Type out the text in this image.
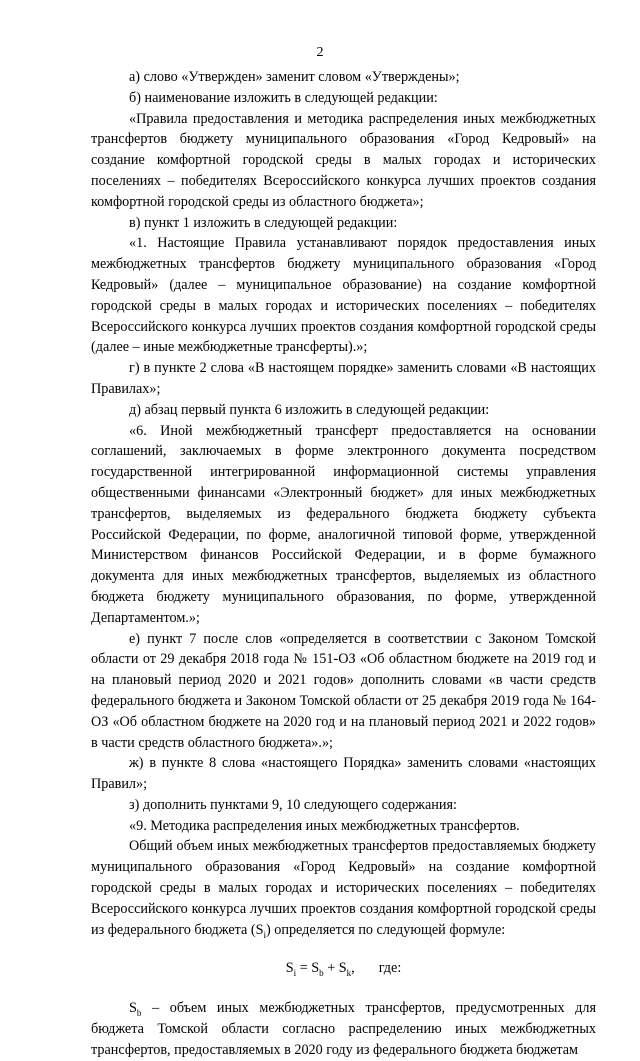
2

а) слово «Утвержден» заменит словом «Утверждены»;

б) наименование изложить в следующей редакции:

«Правила предоставления и методика распределения иных межбюджетных трансфертов бюджету муниципального образования «Город Кедровый» на создание комфортной городской среды в малых городах и исторических поселениях – победителях Всероссийского конкурса лучших проектов создания комфортной городской среды из областного бюджета»;

в) пункт 1 изложить в следующей редакции:

«1. Настоящие Правила устанавливают порядок предоставления иных межбюджетных трансфертов бюджету муниципального образования «Город Кедровый» (далее – муниципальное образование) на создание комфортной городской среды в малых городах и исторических поселениях – победителях Всероссийского конкурса лучших проектов создания комфортной городской среды (далее – иные межбюджетные трансферты).»;

г) в пункте 2 слова «В настоящем порядке» заменить словами «В настоящих Правилах»;

д) абзац первый пункта 6 изложить в следующей редакции:

«6. Иной межбюджетный трансферт предоставляется на основании соглашений, заключаемых в форме электронного документа посредством государственной интегрированной информационной системы управления общественными финансами «Электронный бюджет» для иных межбюджетных трансфертов, выделяемых из федерального бюджета бюджету субъекта Российской Федерации, по форме, аналогичной типовой форме, утвержденной Министерством финансов Российской Федерации, и в форме бумажного документа для иных межбюджетных трансфертов, выделяемых из областного бюджета бюджету муниципального образования, по форме, утвержденной Департаментом.»;

е) пункт 7 после слов «определяется в соответствии с Законом Томской области от 29 декабря 2018 года № 151-ОЗ «Об областном бюджете на 2019 год и на плановый период 2020 и 2021 годов» дополнить словами «в части средств федерального бюджета и Законом Томской области от 25 декабря 2019 года № 164-ОЗ «Об областном бюджете на 2020 год и на плановый период 2021 и 2022 годов» в части средств областного бюджета».»;

ж) в пункте 8 слова «настоящего Порядка» заменить словами «настоящих Правил»;

з) дополнить пунктами 9, 10 следующего содержания:

«9. Методика распределения иных межбюджетных трансфертов.

Общий объем иных межбюджетных трансфертов предоставляемых бюджету муниципального образования «Город Кедровый» на создание комфортной городской среды в малых городах и исторических поселениях – победителях Всероссийского конкурса лучших проектов создания комфортной городской среды из федерального бюджета $(S_i)$ определяется по следующей формуле:

$S_i = S_b + S_k$, где:

$S_b$ – объем иных межбюджетных трансфертов, предусмотренных для бюджета Томской области согласно распределению иных межбюджетных трансфертов, предоставляемых в 2020 году из федерального бюджета бюджетам
